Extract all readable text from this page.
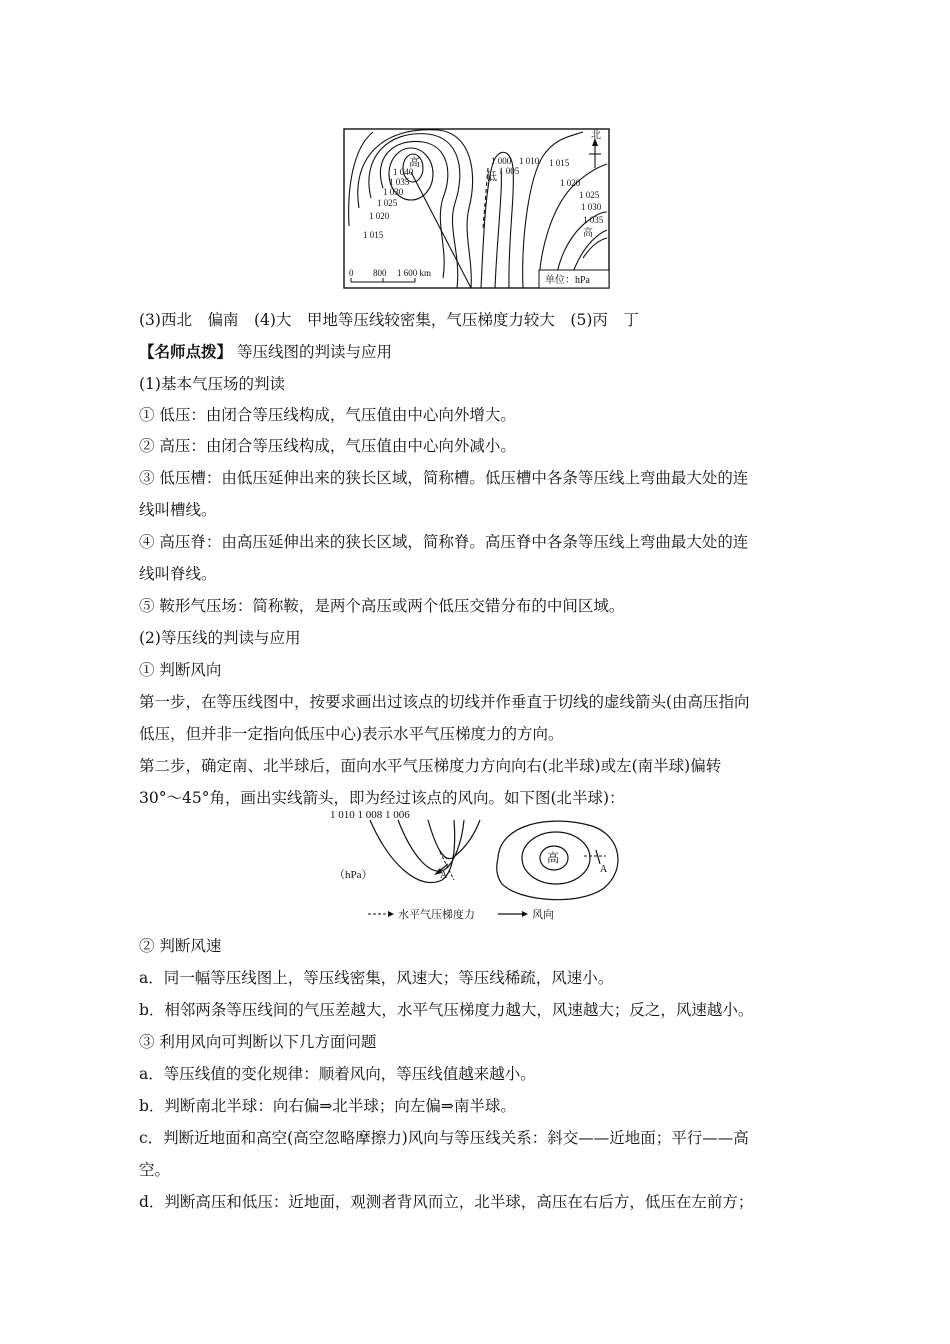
北
高
低
1 040
1 035
1 030
1 025
1 020
1 015
1 000
1 005
1 010 1 015
1 020
1 025
1 030
1 035
高
0 800 1 600 km
单位：hPa
(3)西北　偏南　(4)大　甲地等压线较密集，气压梯度力较大　(5)丙　丁
【名师点拨】 等压线图的判读与应用
(1)基本气压场的判读
① 低压：由闭合等压线构成，气压值由中心向外增大。
② 高压：由闭合等压线构成，气压值由中心向外减小。
③ 低压槽：由低压延伸出来的狭长区域，简称槽。低压槽中各条等压线上弯曲最大处的连
线叫槽线。
④ 高压脊：由高压延伸出来的狭长区域，简称脊。高压脊中各条等压线上弯曲最大处的连
线叫脊线。
⑤ 鞍形气压场：简称鞍，是两个高压或两个低压交错分布的中间区域。
(2)等压线的判读与应用
① 判断风向
第一步，在等压线图中，按要求画出过该点的切线并作垂直于切线的虚线箭头(由高压指向
低压，但并非一定指向低压中心)表示水平气压梯度力的方向。
第二步，确定南、北半球后，面向水平气压梯度力方向向右(北半球)或左(南半球)偏转
30°～45°角，画出实线箭头，即为经过该点的风向。如下图(北半球)：
1 010 1 008 1 006
A
A
高
（hPa）
水平气压梯度力	风向
② 判断风速
a．同一幅等压线图上，等压线密集，风速大；等压线稀疏，风速小。
b．相邻两条等压线间的气压差越大，水平气压梯度力越大，风速越大；反之，风速越小。
③ 利用风向可判断以下几方面问题
a．等压线值的变化规律：顺着风向，等压线值越来越小。
b．判断南北半球：向右偏⇒北半球；向左偏⇒南半球。
c．判断近地面和高空(高空忽略摩擦力)风向与等压线关系：斜交——近地面；平行——高
空。
d．判断高压和低压：近地面，观测者背风而立，北半球，高压在右后方，低压在左前方；
